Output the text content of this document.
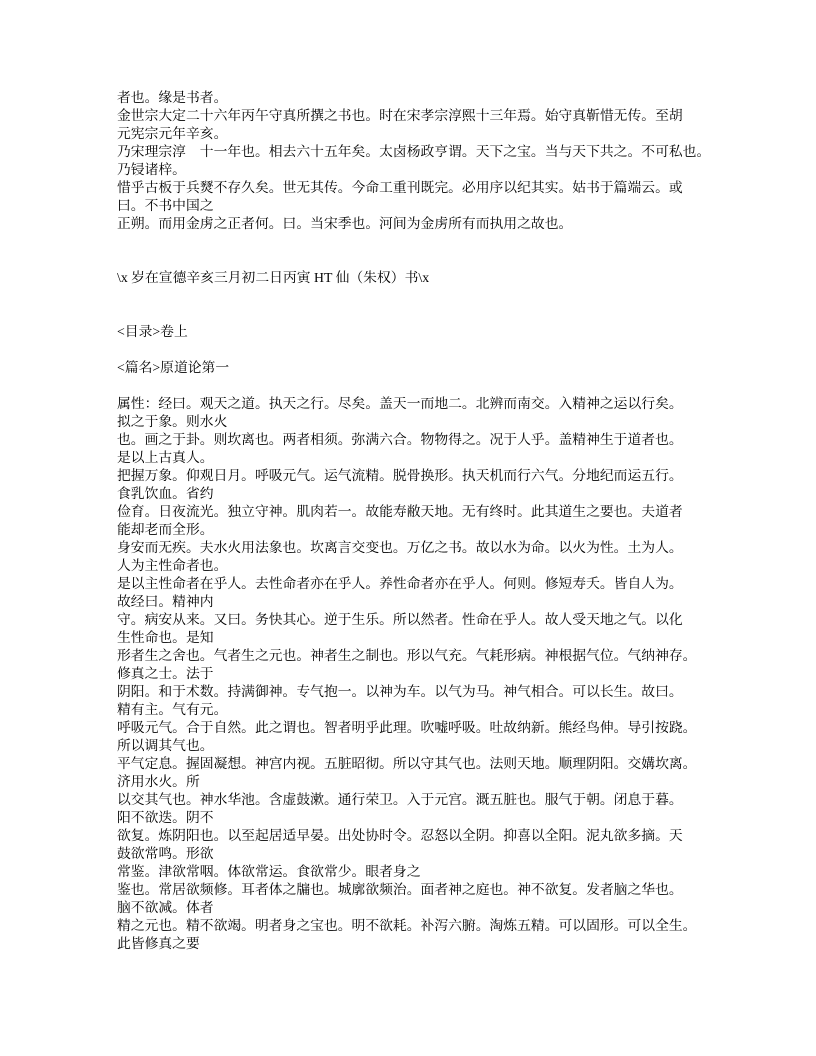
者也。缘是书者。
金世宗大定二十六年丙午守真所撰之书也。时在宋孝宗淳熙十三年焉。始守真靳惜无传。至胡
元宪宗元年辛亥。
乃宋理宗淳　十一年也。相去六十五年矣。太卤杨政亨谓。天下之宝。当与天下共之。不可私也。
乃锓诸梓。
惜乎古板于兵燹不存久矣。世无其传。今命工重刊既完。必用序以纪其实。姑书于篇端云。或
曰。不书中国之
正朔。而用金虏之正者何。曰。当宋季也。河间为金虏所有而执用之故也。
\x 岁在宣德辛亥三月初二日丙寅 HT 仙（朱权）书\x
<目录>卷上
<篇名>原道论第一
属性：经曰。观天之道。执天之行。尽矣。盖天一而地二。北辨而南交。入精神之运以行矣。
拟之于象。则水火
也。画之于卦。则坎离也。两者相须。弥满六合。物物得之。况于人乎。盖精神生于道者也。
是以上古真人。
把握万象。仰观日月。呼吸元气。运气流精。脱骨换形。执天机而行六气。分地纪而运五行。
食乳饮血。省约
俭育。日夜流光。独立守神。肌肉若一。故能寿敝天地。无有终时。此其道生之要也。夫道者
能却老而全形。
身安而无疾。夫水火用法象也。坎离言交变也。万亿之书。故以水为命。以火为性。土为人。
人为主性命者也。
是以主性命者在乎人。去性命者亦在乎人。养性命者亦在乎人。何则。修短寿夭。皆自人为。
故经曰。精神内
守。病安从来。又曰。务快其心。逆于生乐。所以然者。性命在乎人。故人受天地之气。以化
生性命也。是知
形者生之舍也。气者生之元也。神者生之制也。形以气充。气耗形病。神根据气位。气纳神存。
修真之士。法于
阴阳。和于术数。持满御神。专气抱一。以神为车。以气为马。神气相合。可以长生。故曰。
精有主。气有元。
呼吸元气。合于自然。此之谓也。智者明乎此理。吹嘘呼吸。吐故纳新。熊经鸟伸。导引按跷。
所以调其气也。
平气定息。握固凝想。神宫内视。五脏昭彻。所以守其气也。法则天地。顺理阴阳。交媾坎离。
济用水火。所
以交其气也。神水华池。含虚鼓漱。通行荣卫。入于元宫。溉五脏也。服气于朝。闭息于暮。
阳不欲迭。阴不
欲复。炼阴阳也。以至起居适早晏。出处协时令。忍怒以全阴。抑喜以全阳。泥丸欲多摘。天
鼓欲常鸣。形欲
常鉴。津欲常咽。体欲常运。食欲常少。眼者身之
鉴也。常居欲频修。耳者体之牖也。城廓欲频治。面者神之庭也。神不欲复。发者脑之华也。
脑不欲减。体者
精之元也。精不欲竭。明者身之宝也。明不欲耗。补泻六腑。淘炼五精。可以固形。可以全生。
此皆修真之要
